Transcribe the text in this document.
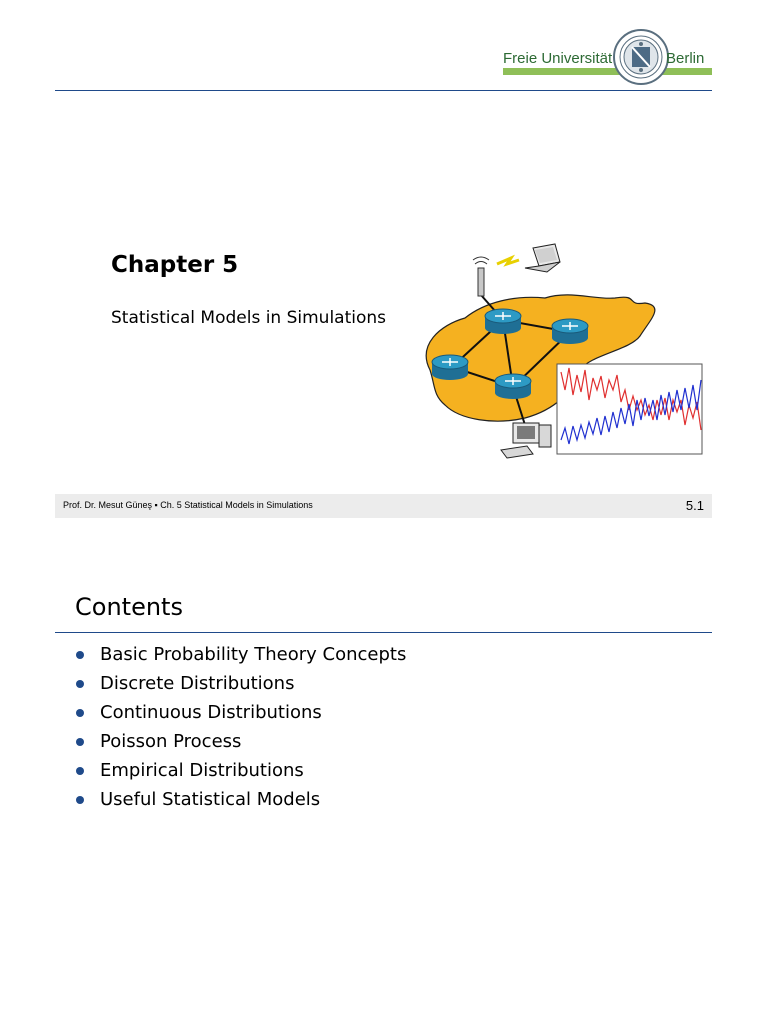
Freie Universität	Berlin
Chapter 5
Statistical Models in Simulations
Prof. Dr. Mesut Güneş ▪ Ch. 5 Statistical Models in Simulations	5.1
Contents
Basic Probability Theory Concepts
Discrete Distributions
Continuous Distributions
Poisson Process
Empirical Distributions
Useful Statistical Models
